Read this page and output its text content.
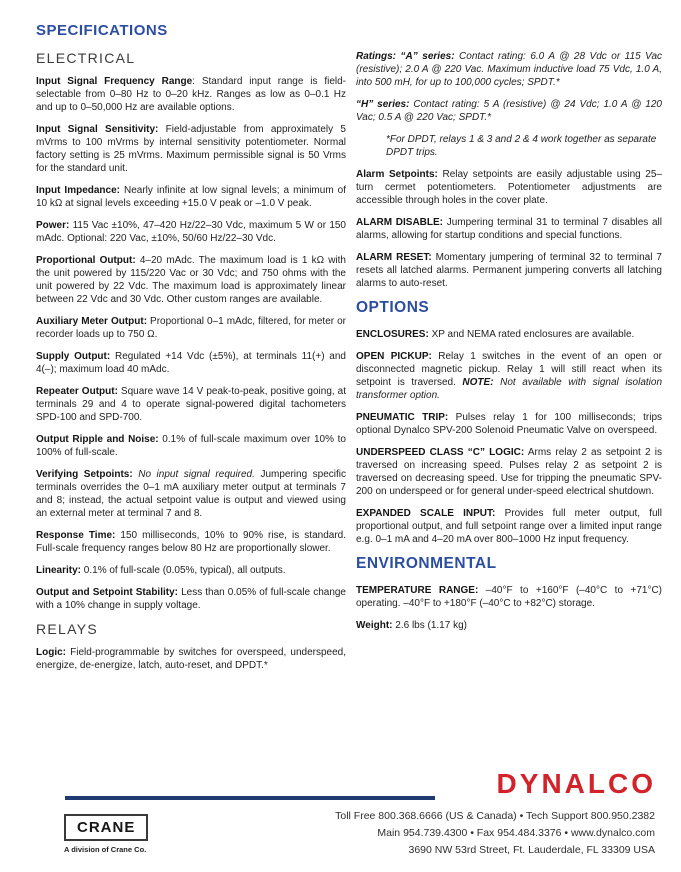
SPECIFICATIONS
ELECTRICAL
Input Signal Frequency Range: Standard input range is field-selectable from 0–80 Hz to 0–20 kHz. Ranges as low as 0–0.1 Hz and up to 0–50,000 Hz are available options.
Input Signal Sensitivity: Field-adjustable from approximately 5 mVrms to 100 mVrms by internal sensitivity potentiometer. Normal factory setting is 25 mVrms. Maximum permissible signal is 50 Vrms for the standard unit.
Input Impedance: Nearly infinite at low signal levels; a minimum of 10 kΩ at signal levels exceeding +15.0 V peak or –1.0 V peak.
Power: 115 Vac ±10%, 47–420 Hz/22–30 Vdc, maximum 5 W or 150 mAdc. Optional: 220 Vac, ±10%, 50/60 Hz/22–30 Vdc.
Proportional Output: 4–20 mAdc. The maximum load is 1 kΩ with the unit powered by 115/220 Vac or 30 Vdc; and 750 ohms with the unit powered by 22 Vdc. The maximum load is approximately linear between 22 Vdc and 30 Vdc. Other custom ranges are available.
Auxiliary Meter Output: Proportional 0–1 mAdc, filtered, for meter or recorder loads up to 750 Ω.
Supply Output: Regulated +14 Vdc (±5%), at terminals 11(+) and 4(–); maximum load 40 mAdc.
Repeater Output: Square wave 14 V peak-to-peak, positive going, at terminals 29 and 4 to operate signal-powered digital tachometers SPD-100 and SPD-700.
Output Ripple and Noise: 0.1% of full-scale maximum over 10% to 100% of full-scale.
Verifying Setpoints: No input signal required. Jumpering specific terminals overrides the 0–1 mA auxiliary meter output at terminals 7 and 8; instead, the actual setpoint value is output and viewed using an external meter at terminal 7 and 8.
Response Time: 150 milliseconds, 10% to 90% rise, is standard. Full-scale frequency ranges below 80 Hz are proportionally slower.
Linearity: 0.1% of full-scale (0.05%, typical), all outputs.
Output and Setpoint Stability: Less than 0.05% of full-scale change with a 10% change in supply voltage.
RELAYS
Logic: Field-programmable by switches for overspeed, underspeed, energize, de-energize, latch, auto-reset, and DPDT.*
Ratings: “A” series: Contact rating: 6.0 A @ 28 Vdc or 115 Vac (resistive); 2.0 A @ 220 Vac. Maximum inductive load 75 Vdc, 1.0 A, into 500 mH, for up to 100,000 cycles; SPDT.*
“H” series: Contact rating: 5 A (resistive) @ 24 Vdc; 1.0 A @ 120 Vac; 0.5 A @ 220 Vac; SPDT.*
*For DPDT, relays 1 & 3 and 2 & 4 work together as separate DPDT trips.
Alarm Setpoints: Relay setpoints are easily adjustable using 25–turn cermet potentiometers. Potentiometer adjustments are accessible through holes in the cover plate.
ALARM DISABLE: Jumpering terminal 31 to terminal 7 disables all alarms, allowing for startup conditions and special functions.
ALARM RESET: Momentary jumpering of terminal 32 to terminal 7 resets all latched alarms. Permanent jumpering converts all latching alarms to auto-reset.
OPTIONS
ENCLOSURES: XP and NEMA rated enclosures are available.
OPEN PICKUP: Relay 1 switches in the event of an open or disconnected magnetic pickup. Relay 1 will still react when its setpoint is traversed. NOTE: Not available with signal isolation transformer option.
PNEUMATIC TRIP: Pulses relay 1 for 100 milliseconds; trips optional Dynalco SPV-200 Solenoid Pneumatic Valve on overspeed.
UNDERSPEED CLASS “C” LOGIC: Arms relay 2 as setpoint 2 is traversed on increasing speed. Pulses relay 2 as setpoint 2 is traversed on decreasing speed. Use for tripping the pneumatic SPV-200 on underspeed or for general under-speed electrical shutdown.
EXPANDED SCALE INPUT: Provides full meter output, full proportional output, and full setpoint range over a limited input range e.g. 0–1 mA and 4–20 mA over 800–1000 Hz input frequency.
ENVIRONMENTAL
TEMPERATURE RANGE: –40°F to +160°F (–40°C to +71°C) operating. –40°F to +180°F (–40°C to +82°C) storage.
Weight: 2.6 lbs (1.17 kg)
DYNALCO
CRANE
A division of Crane Co.
Toll Free 800.368.6666 (US & Canada) • Tech Support 800.950.2382
Main 954.739.4300 • Fax 954.484.3376 • www.dynalco.com
3690 NW 53rd Street, Ft. Lauderdale, FL 33309 USA
